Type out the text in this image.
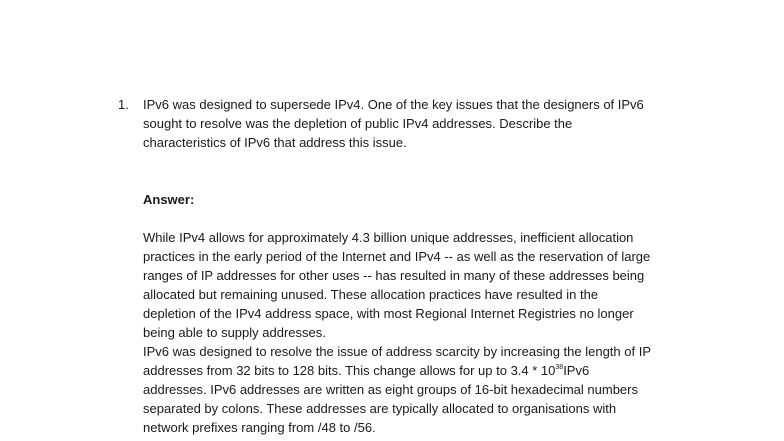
1. IPv6 was designed to supersede IPv4. One of the key issues that the designers of IPv6
sought to resolve was the depletion of public IPv4 addresses. Describe the
characteristics of IPv6 that address this issue.
Answer:
While IPv4 allows for approximately 4.3 billion unique addresses, inefficient allocation
practices in the early period of the Internet and IPv4 -- as well as the reservation of large
ranges of IP addresses for other uses -- has resulted in many of these addresses being
allocated but remaining unused. These allocation practices have resulted in the
depletion of the IPv4 address space, with most Regional Internet Registries no longer
being able to supply addresses.
IPv6 was designed to resolve the issue of address scarcity by increasing the length of IP
addresses from 32 bits to 128 bits. This change allows for up to $3.4 * 10^{38}IPv6$
addresses. IPv6 addresses are written as eight groups of 16-bit hexadecimal numbers
separated by colons. These addresses are typically allocated to organisations with
network prefixes ranging from /48 to /56.
